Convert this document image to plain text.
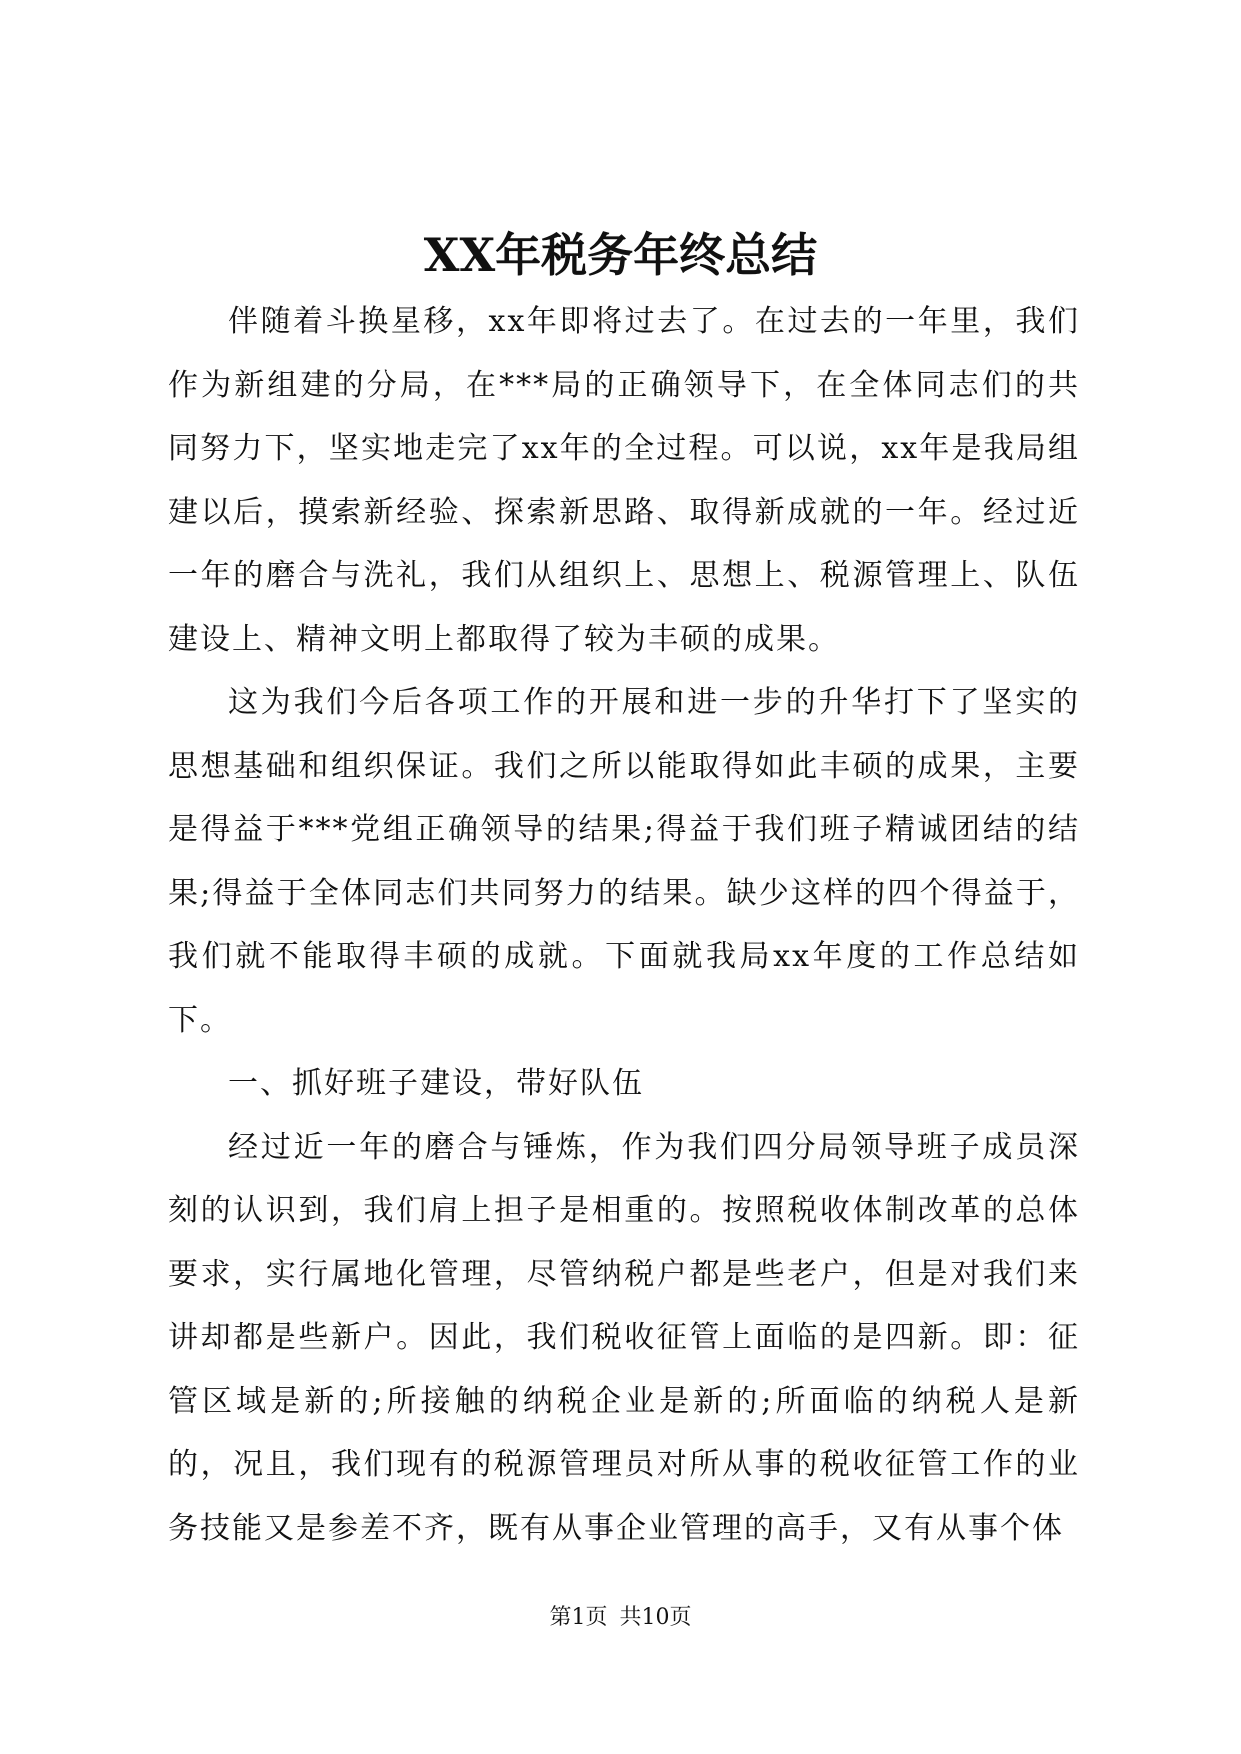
XX年税务年终总结

伴随着斗换星移，xx年即将过去了。在过去的一年里，我们作为新组建的分局，在***局的正确领导下，在全体同志们的共同努力下，坚实地走完了xx年的全过程。可以说，xx年是我局组建以后，摸索新经验、探索新思路、取得新成就的一年。经过近一年的磨合与洗礼，我们从组织上、思想上、税源管理上、队伍建设上、精神文明上都取得了较为丰硕的成果。

这为我们今后各项工作的开展和进一步的升华打下了坚实的思想基础和组织保证。我们之所以能取得如此丰硕的成果，主要是得益于***党组正确领导的结果;得益于我们班子精诚团结的结果;得益于全体同志们共同努力的结果。缺少这样的四个得益于，我们就不能取得丰硕的成就。下面就我局xx年度的工作总结如下。

一、抓好班子建设，带好队伍

经过近一年的磨合与锤炼，作为我们四分局领导班子成员深刻的认识到，我们肩上担子是相重的。按照税收体制改革的总体要求，实行属地化管理，尽管纳税户都是些老户，但是对我们来讲却都是些新户。因此，我们税收征管上面临的是四新。即：征管区域是新的;所接触的纳税企业是新的;所面临的纳税人是新的，况且，我们现有的税源管理员对所从事的税收征管工作的业务技能又是参差不齐，既有从事企业管理的高手，又有从事个体

第1页 共10页
